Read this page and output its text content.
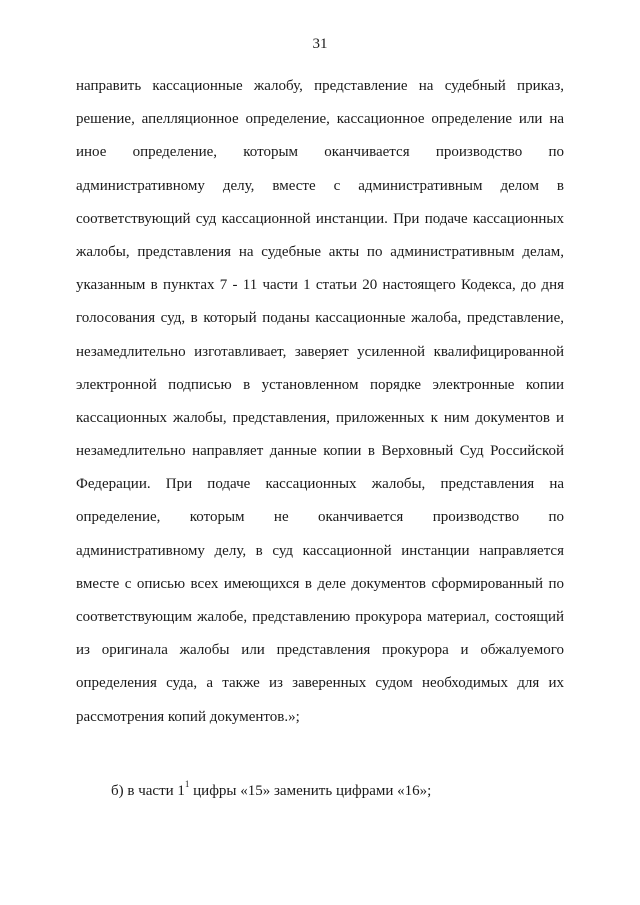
31
направить кассационные жалобу, представление на судебный приказ,
решение, апелляционное определение, кассационное определение или на
иное определение, которым оканчивается производство по
административному делу, вместе с административным делом в
соответствующий суд кассационной инстанции. При подаче кассационных
жалобы, представления на судебные акты по административным делам,
указанным в пунктах 7 - 11 части 1 статьи 20 настоящего Кодекса, до дня
голосования суд, в который поданы кассационные жалоба, представление,
незамедлительно изготавливает, заверяет усиленной квалифицированной
электронной подписью в установленном порядке электронные копии
кассационных жалобы, представления, приложенных к ним документов и
незамедлительно направляет данные копии в Верховный Суд Российской
Федерации. При подаче кассационных жалобы, представления на
определение, которым не оканчивается производство по
административному делу, в суд кассационной инстанции направляется
вместе с описью всех имеющихся в деле документов сформированный по
соответствующим жалобе, представлению прокурора материал, состоящий
из оригинала жалобы или представления прокурора и обжалуемого
определения суда, а также из заверенных судом необходимых для их
рассмотрения копий документов.»;
б) в части $1^1$ цифры «15» заменить цифрами «16»;
